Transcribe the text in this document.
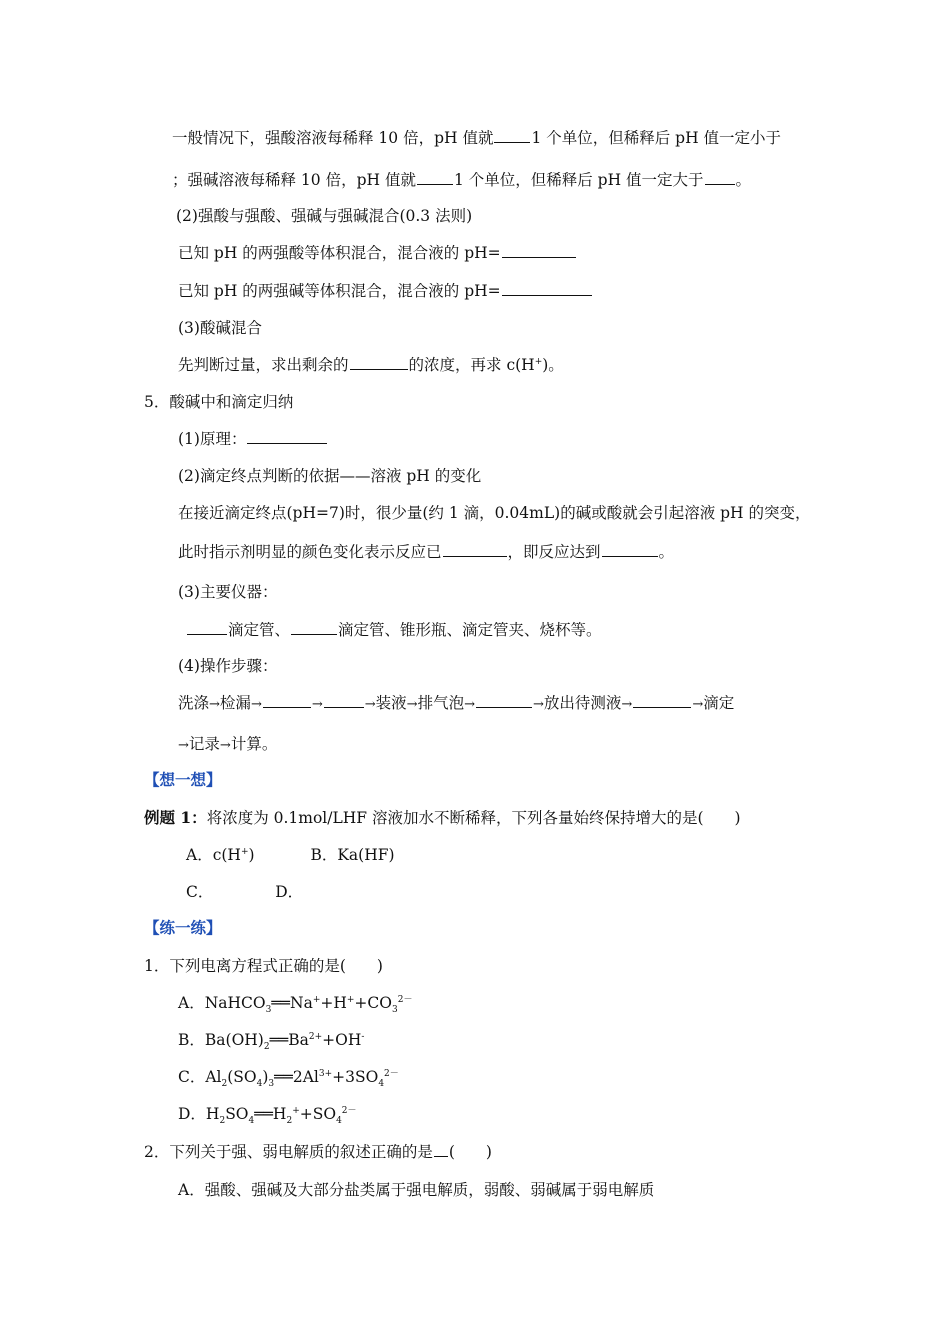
一般情况下，强酸溶液每稀释 10 倍，pH 值就 1 个单位，但稀释后 pH 值一定小于
；强碱溶液每稀释 10 倍，pH 值就 1 个单位，但稀释后 pH 值一定大于 。
(2)强酸与强酸、强碱与强碱混合(0.3 法则)
已知 pH 的两强酸等体积混合，混合液的 pH=
已知 pH 的两强碱等体积混合，混合液的 pH=
(3)酸碱混合
先判断过量，求出剩余的	的浓度，再求 c(H+)。
5．酸碱中和滴定归纳
(1)原理：
(2)滴定终点判断的依据——溶液 pH 的变化
在接近滴定终点(pH=7)时，很少量(约 1 滴，0.04mL)的碱或酸就会引起溶液 pH 的突变，
此时指示剂明显的颜色变化表示反应已	，即反应达到	。
(3)主要仪器：
滴定管、	滴定管、锥形瓶、滴定管夹、烧杯等。
(4)操作步骤：
洗涤→检漏→	→	→装液→排气泡→	→放出待测液→	→滴定
→记录→计算。
【想一想】
例题 1：将浓度为 0.1mol/LHF 溶液加水不断稀释，下列各量始终保持增大的是(　　)
A．c(H+)	B．Ka(HF)
C．	D．
【练一练】
1．下列电离方程式正确的是(　　)
A．$NaHCO_3══Na^++H^++CO_3^{2-}$
B．$Ba(OH)_2══Ba^{2+}+OH^-$
C．$Al_2(SO_4)_3══2Al^{3+}+3SO_4^{2-}$
D．$H_2SO_4══H_2^++SO_4^{2-}$
2．下列关于强、弱电解质的叙述正确的是 (　　)
A．强酸、强碱及大部分盐类属于强电解质，弱酸、弱碱属于弱电解质
